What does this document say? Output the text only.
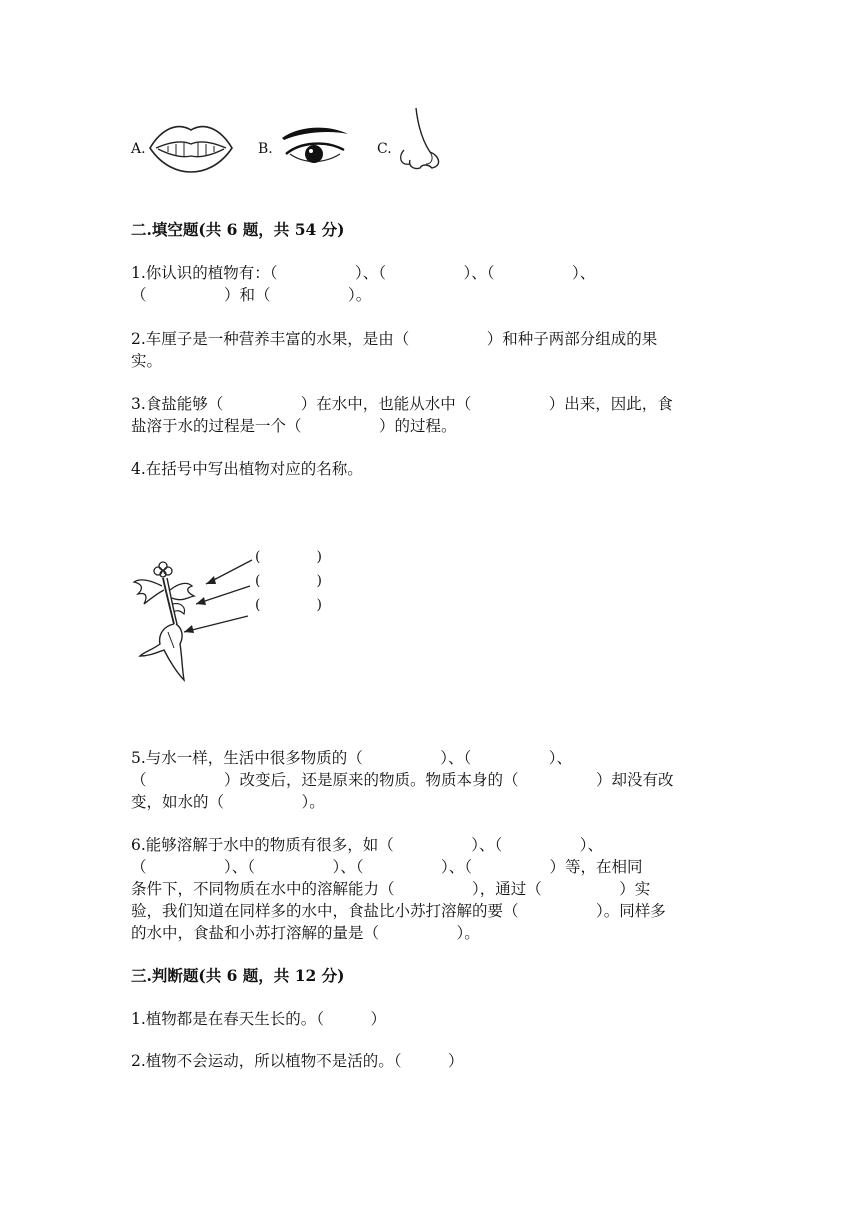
A.	B.	C.
二.填空题(共 6 题，共 54 分)
1.你认识的植物有：（　　　　　）、（　　　　　）、（　　　　　）、
（　　　　　）和（　　　　　）。
2.车厘子是一种营养丰富的水果，是由（　　　　　）和种子两部分组成的果
实。
3.食盐能够（　　　　　）在水中，也能从水中（　　　　　）出来，因此，食
盐溶于水的过程是一个（　　　　　）的过程。
4.在括号中写出植物对应的名称。
(　　　　)
(　　　　)
(　　　　)
5.与水一样，生活中很多物质的（　　　　　）、（　　　　　）、
（　　　　　）改变后，还是原来的物质。物质本身的（　　　　　）却没有改
变，如水的（　　　　　）。
6.能够溶解于水中的物质有很多，如（　　　　　）、（　　　　　）、
（　　　　　）、（　　　　　）、（　　　　　）、（　　　　　）等，在相同
条件下，不同物质在水中的溶解能力（　　　　　），通过（　　　　　）实
验，我们知道在同样多的水中，食盐比小苏打溶解的要（　　　　　）。同样多
的水中，食盐和小苏打溶解的量是（　　　　　）。
三.判断题(共 6 题，共 12 分)
1.植物都是在春天生长的。（　　　）
2.植物不会运动，所以植物不是活的。（　　　）
